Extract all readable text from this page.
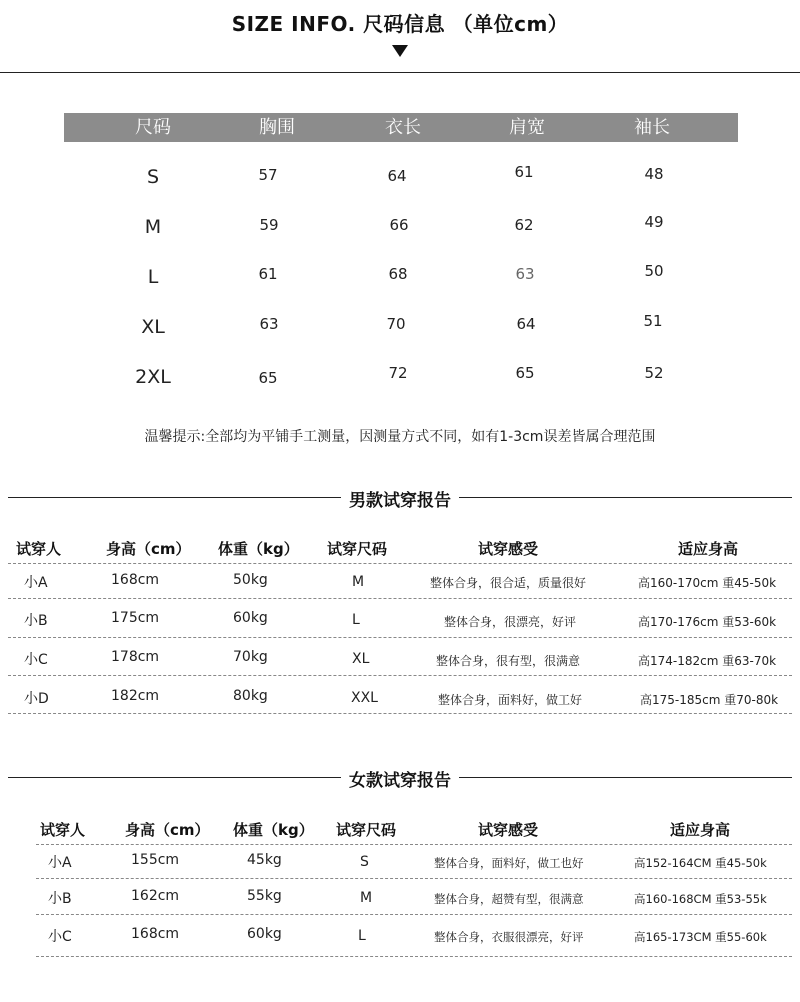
SIZE INFO. 尺码信息 （单位cm）
尺码	胸围	衣长	肩宽	袖长
S	57	64	61	48
M	59	66	62	49
L	61	68	63	50
XL	63	70	64	51
2XL	65	72	65	52
温馨提示:全部均为平铺手工测量，因测量方式不同，如有1-3cm误差皆属合理范围
男款试穿报告
试穿人	身高（cm） 体重（kg） 试穿尺码	试穿感受	适应身高
小A	168cm	50kg	M	整体合身，很合适，质量很好	高160-170cm 重45-50k
小B	175cm	60kg	L	整体合身，很漂亮，好评	高170-176cm 重53-60k
小C	178cm	70kg	XL	整体合身，很有型，很满意	高174-182cm 重63-70k
小D	182cm	80kg	XXL	整体合身，面料好，做工好	高175-185cm 重70-80k
女款试穿报告
试穿人	身高（cm） 体重（kg） 试穿尺码	试穿感受	适应身高
小A	155cm	45kg	S	整体合身，面料好，做工也好	高152-164CM 重45-50k
小B	162cm	55kg	M	整体合身，超赞有型，很满意	高160-168CM 重53-55k
小C	168cm	60kg	L	整体合身，衣服很漂亮，好评	高165-173CM 重55-60k
